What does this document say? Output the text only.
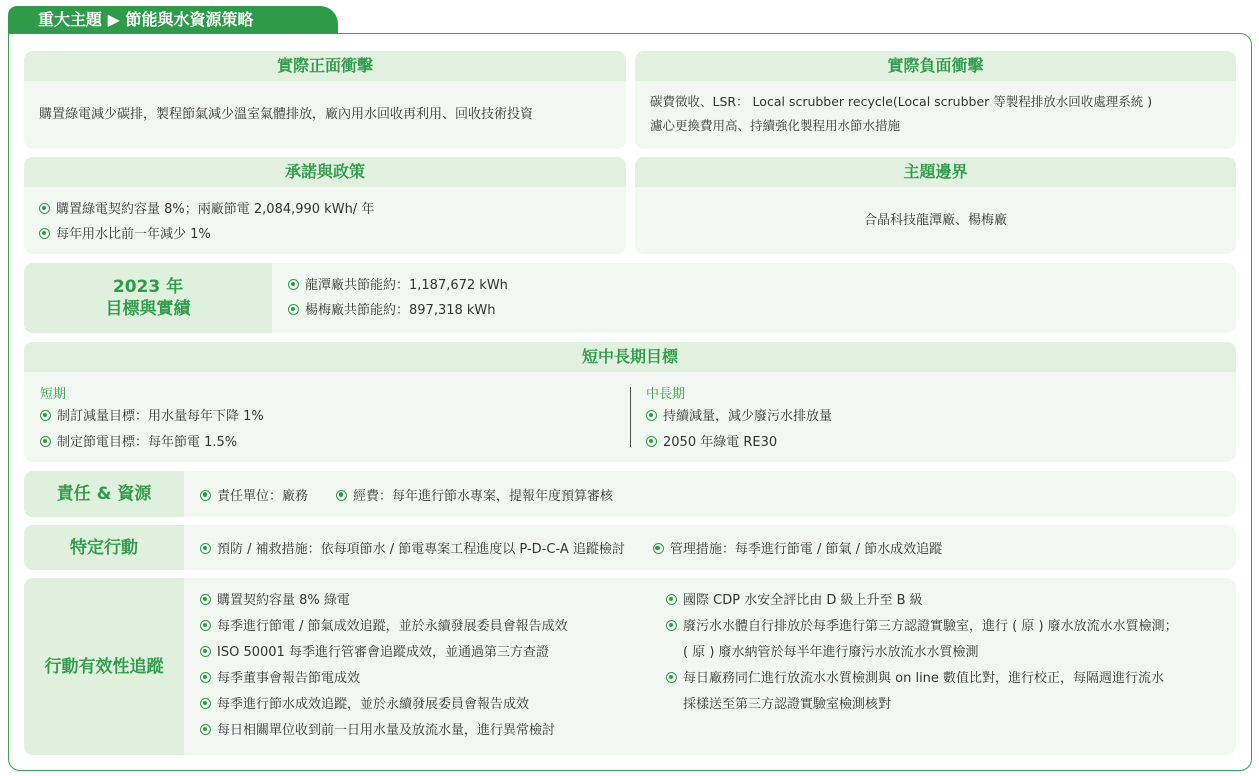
重大主題 ▶ 節能與水資源策略
實際正面衝擊
購置綠電減少碳排，製程節氣減少溫室氣體排放，廠內用水回收再利用、回收技術投資
實際負面衝擊
碳費徵收、LSR： Local scrubber recycle(Local scrubber 等製程排放水回收處理系統 )
濾心更換費用高、持續強化製程用水節水措施
承諾與政策
購置綠電契約容量 8%；兩廠節電 2,084,990 kWh/ 年
每年用水比前一年減少 1%
主題邊界
合晶科技龍潭廠、楊梅廠
2023 年
目標與實績
龍潭廠共節能約：1,187,672 kWh
楊梅廠共節能約：897,318 kWh
短中長期目標
短期
制訂減量目標：用水量每年下降 1%
制定節電目標：每年節電 1.5%
中長期
持續減量，減少廢污水排放量
2050 年綠電 RE30
責任 & 資源	責任單位：廠務	經費：每年進行節水專案，提報年度預算審核
特定行動	預防 / 補救措施：依每項節水 / 節電專案工程進度以 P-D-C-A 追蹤檢討	管理措施：每季進行節電 / 節氣 / 節水成效追蹤
行動有效性追蹤
購置契約容量 8% 綠電
每季進行節電 / 節氣成效追蹤，並於永續發展委員會報告成效
ISO 50001 每季進行管審會追蹤成效，並通過第三方查證
每季董事會報告節電成效
每季進行節水成效追蹤，並於永續發展委員會報告成效
每日相關單位收到前一日用水量及放流水量，進行異常檢討
國際 CDP 水安全評比由 D 級上升至 B 級
廢污水水體自行排放於每季進行第三方認證實驗室，進行 ( 原 ) 廢水放流水水質檢測；
( 原 ) 廢水納管於每半年進行廢污水放流水水質檢測
每日廠務同仁進行放流水水質檢測與 on line 數值比對，進行校正，每隔週進行流水
採樣送至第三方認證實驗室檢測核對
